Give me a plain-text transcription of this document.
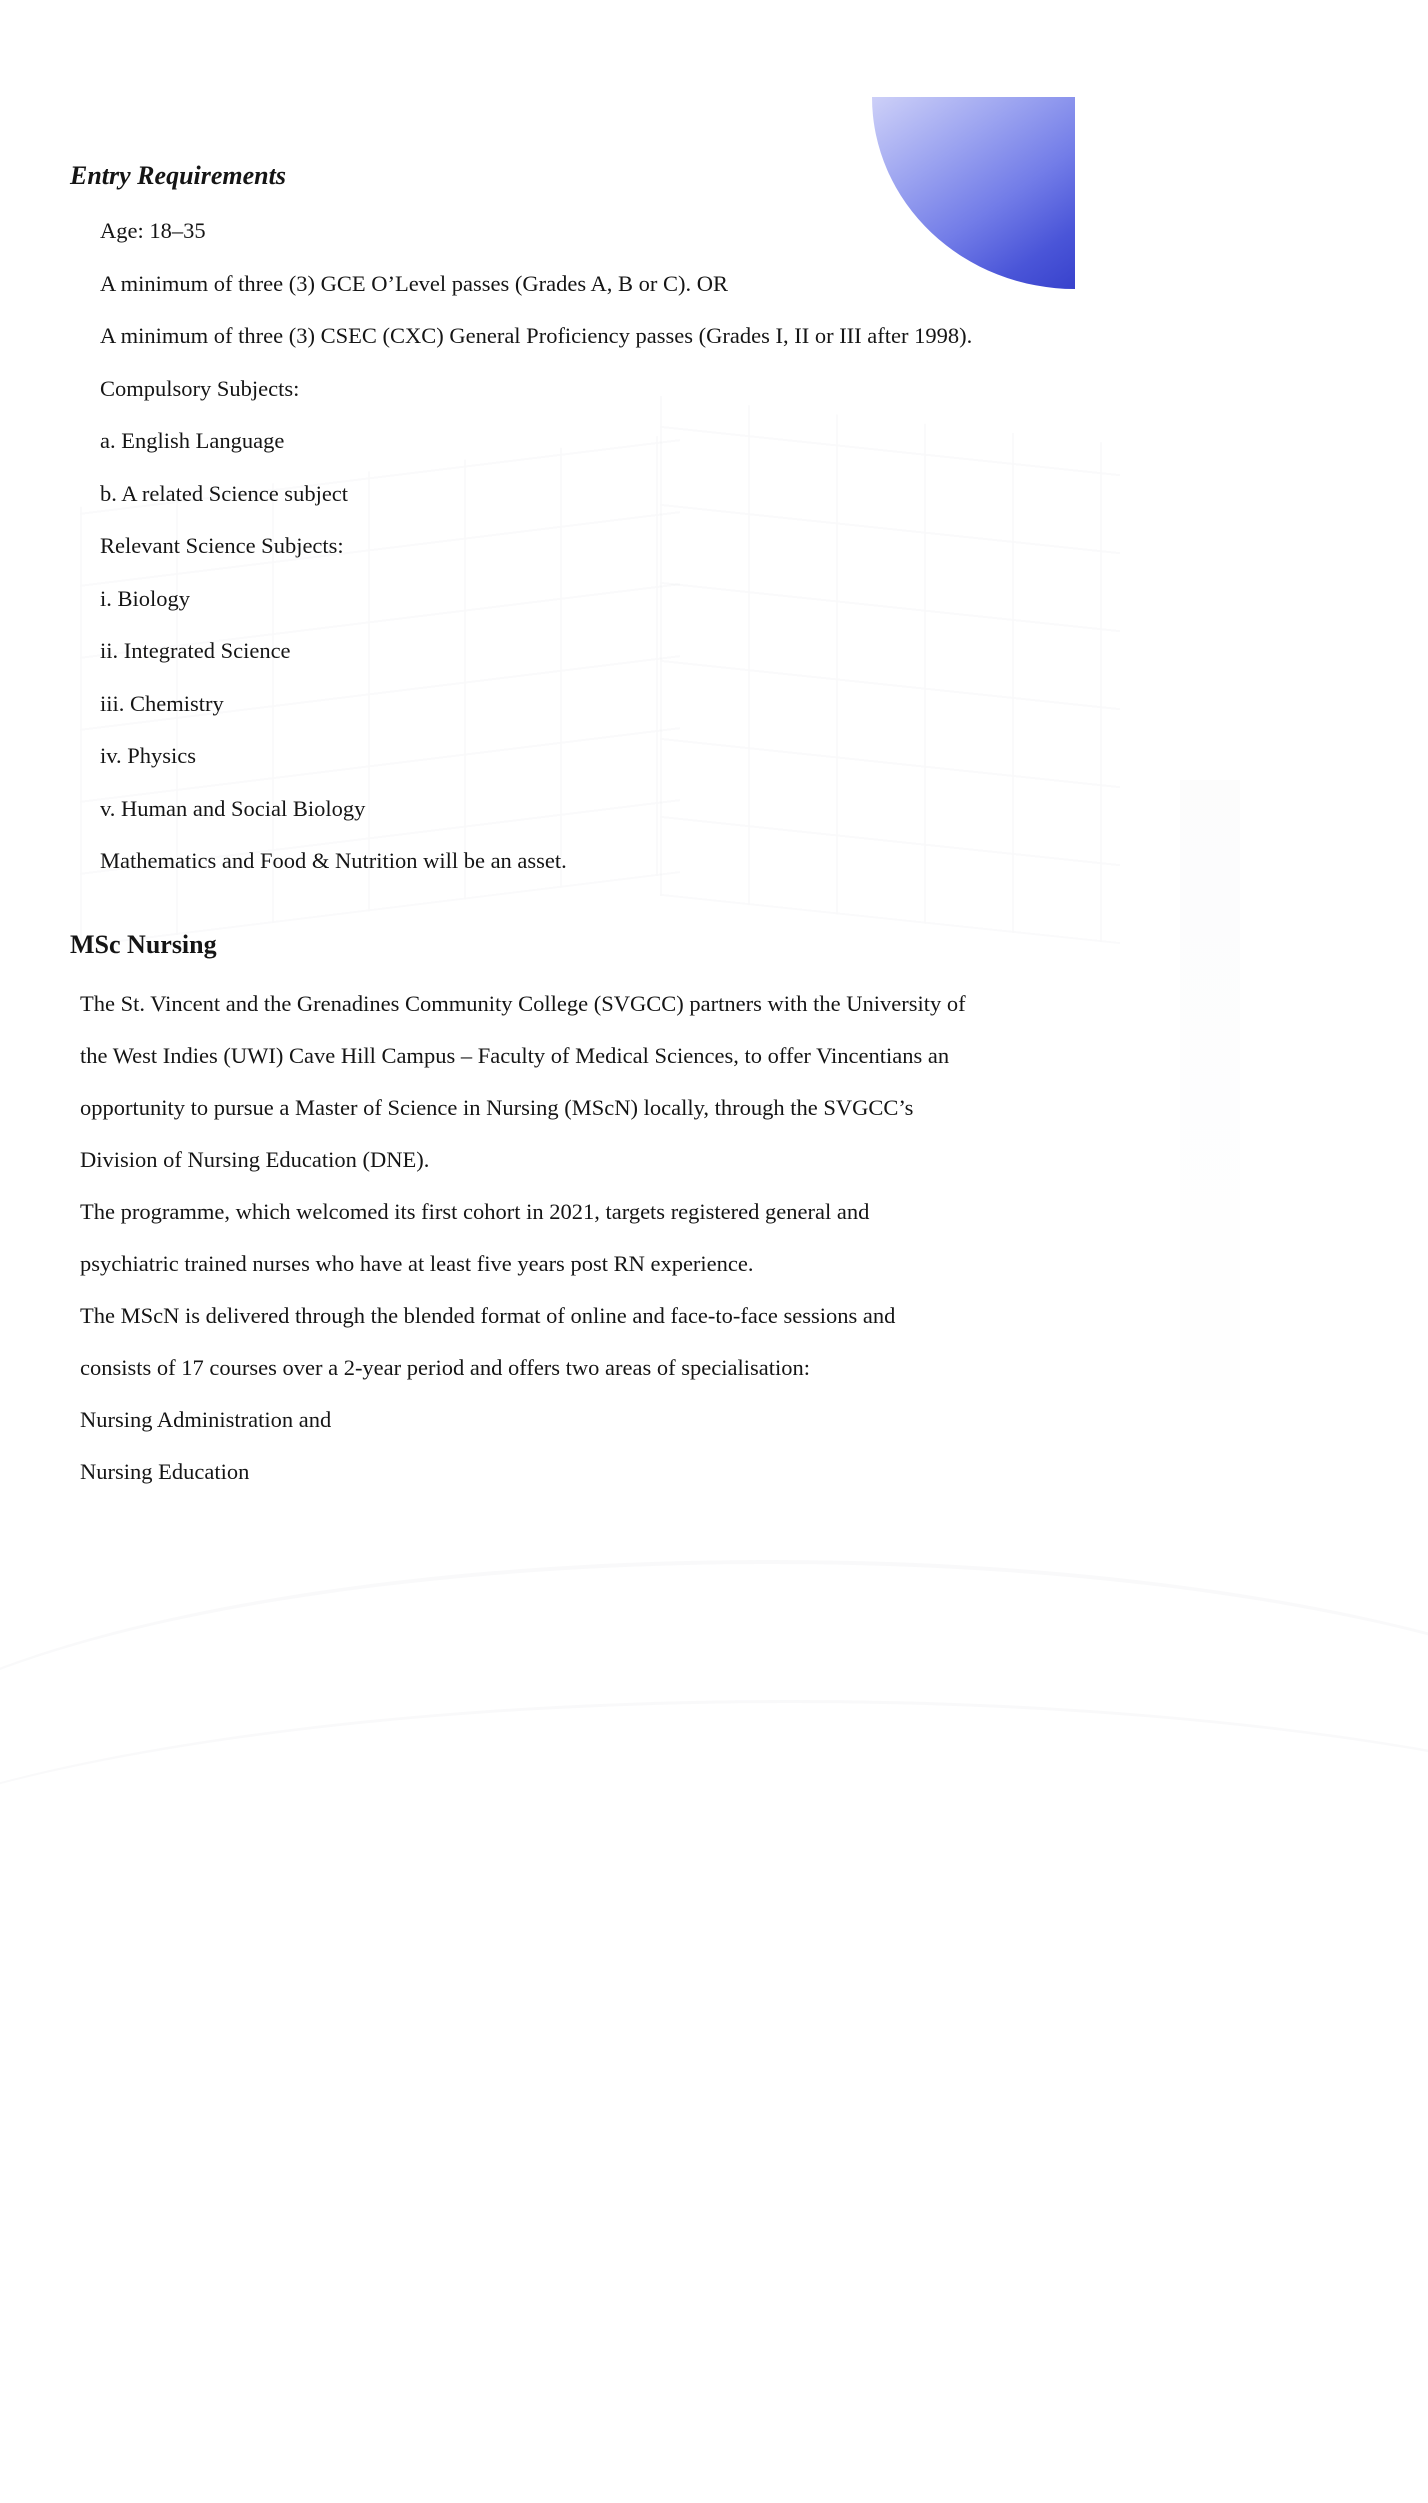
Entry Requirements
Age: 18–35
A minimum of three (3) GCE O’Level passes (Grades A, B or C). OR
A minimum of three (3) CSEC (CXC) General Proficiency passes (Grades I, II or III after 1998).
Compulsory Subjects:
a. English Language
b. A related Science subject
Relevant Science Subjects:
i. Biology
ii. Integrated Science
iii. Chemistry
iv. Physics
v. Human and Social Biology
Mathematics and Food & Nutrition will be an asset.
MSc Nursing
The St. Vincent and the Grenadines Community College (SVGCC) partners with the University of
the West Indies (UWI) Cave Hill Campus – Faculty of Medical Sciences, to offer Vincentians an
opportunity to pursue a Master of Science in Nursing (MScN) locally, through the SVGCC’s
Division of Nursing Education (DNE).
The programme, which welcomed its first cohort in 2021, targets registered general and
psychiatric trained nurses who have at least five years post RN experience.
The MScN is delivered through the blended format of online and face-to-face sessions and
consists of 17 courses over a 2-year period and offers two areas of specialisation:
Nursing Administration and
Nursing Education
